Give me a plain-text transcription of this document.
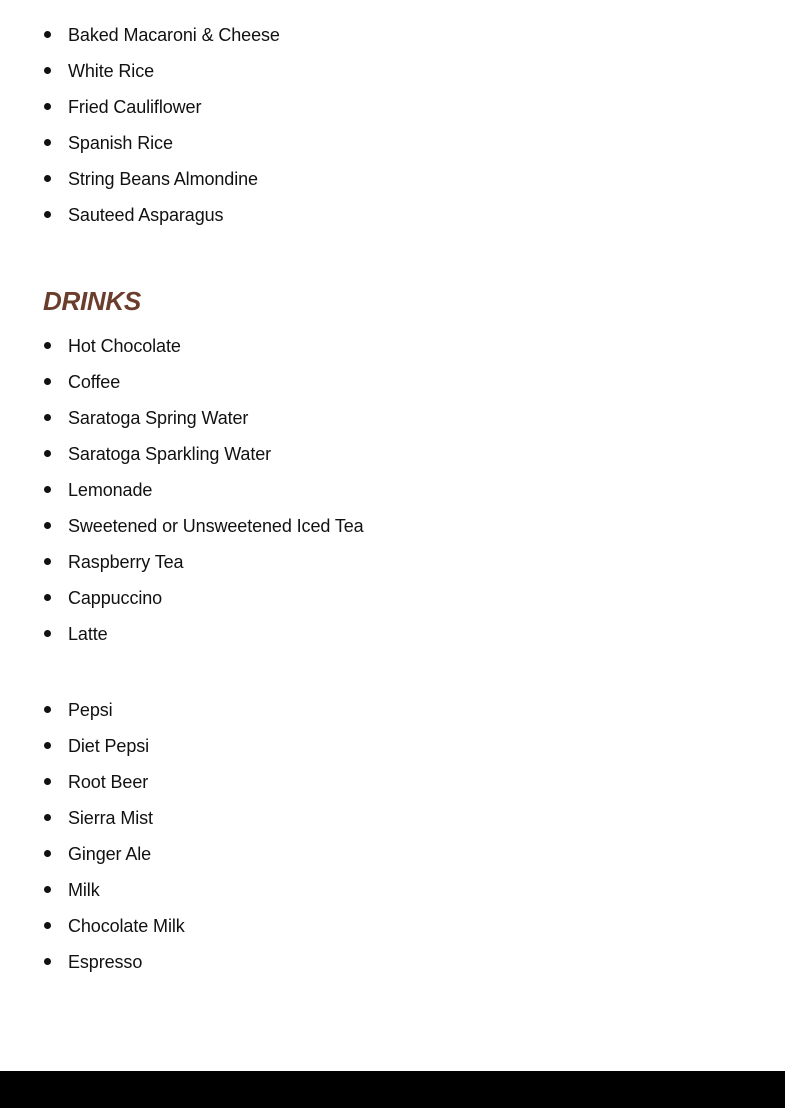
Baked Macaroni & Cheese
White Rice
Fried Cauliflower
Spanish Rice
String Beans Almondine
Sauteed Asparagus
DRINKS
Hot Chocolate
Coffee
Saratoga Spring Water
Saratoga Sparkling Water
Lemonade
Sweetened or Unsweetened Iced Tea
Raspberry Tea
Cappuccino
Latte
Pepsi
Diet Pepsi
Root Beer
Sierra Mist
Ginger Ale
Milk
Chocolate Milk
Espresso
